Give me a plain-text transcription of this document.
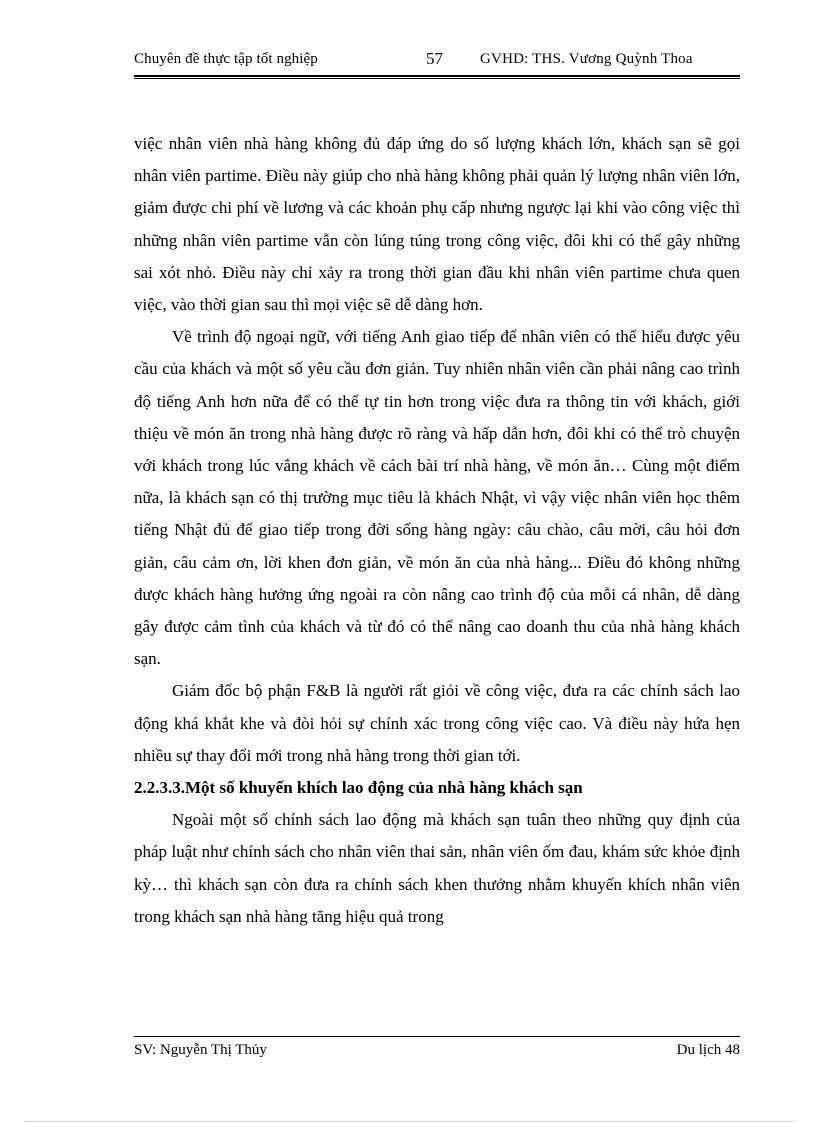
Chuyên đề thực tập tốt nghiệp	57 GVHD: THS. Vương Quỳnh Thoa

việc nhân viên nhà hàng không đủ đáp ứng do số lượng khách lớn, khách sạn sẽ gọi nhân viên partime. Điều này giúp cho nhà hàng không phải quản lý lượng nhân viên lớn, giảm được chi phí về lương và các khoản phụ cấp nhưng ngược lại khi vào công việc thì những nhân viên partime vẫn còn lúng túng trong công việc, đôi khi có thể gây những sai xót nhỏ. Điều này chỉ xảy ra trong thời gian đầu khi nhân viên partime chưa quen việc, vào thời gian sau thì mọi việc sẽ dễ dàng hơn.

Về trình độ ngoại ngữ, với tiếng Anh giao tiếp để nhân viên có thể hiểu được yêu cầu của khách và một số yêu cầu đơn giản. Tuy nhiên nhân viên cần phải nâng cao trình độ tiếng Anh hơn nữa để có thể tự tin hơn trong việc đưa ra thông tin với khách, giới thiệu về món ăn trong nhà hàng được rõ ràng và hấp dẫn hơn, đôi khi có thể trò chuyện với khách trong lúc vắng khách về cách bài trí nhà hàng, về món ăn… Cùng một điểm nữa, là khách sạn có thị trường mục tiêu là khách Nhật, vì vậy việc nhân viên học thêm tiếng Nhật đủ để giao tiếp trong đời sống hàng ngày: câu chào, câu mời, câu hỏi đơn giản, câu cảm ơn, lời khen đơn giản, về món ăn của nhà hàng... Điều đó không những được khách hàng hưởng ứng ngoài ra còn nâng cao trình độ của mỗi cá nhân, dễ dàng gây được cảm tình của khách và từ đó có thể nâng cao doanh thu của nhà hàng khách sạn.

Giám đốc bộ phận F&B là người rất giỏi về công việc, đưa ra các chính sách lao động khá khắt khe và đòi hỏi sự chính xác trong công việc cao. Và điều này hứa hẹn nhiều sự thay đổi mới trong nhà hàng trong thời gian tới.

2.2.3.3.Một số khuyến khích lao động của nhà hàng khách sạn

Ngoài một số chính sách lao động mà khách sạn tuân theo những quy định của pháp luật như chính sách cho nhân viên thai sản, nhân viên ốm đau, khám sức khỏe định kỳ… thì khách sạn còn đưa ra chính sách khen thưởng nhằm khuyến khích nhân viên trong khách sạn nhà hàng tăng hiệu quả trong

SV: Nguyễn Thị Thủy	Du lịch 48
